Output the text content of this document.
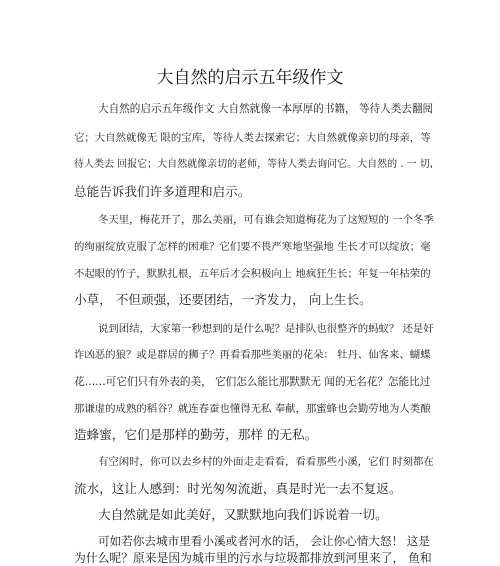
大自然的启示五年级作文
大自然的启示五年级作文 大自然就像一本厚厚的书籍， 等待人类去翻阅
它；大自然就像无 限的宝库，等待人类去探索它；大自然就像亲切的母亲，等
待人类去 回报它；大自然就像亲切的老师，等待人类去询问它。大自然的 . 一 切,
总能告诉我们许多道理和启示。
冬天里，梅花开了，那么美丽，可有谁会知道梅花为了这短短的 一个冬季
的绚丽绽放克服了怎样的困难？它们要不畏严寒地坚强地 生长才可以绽放；毫
不起眼的竹子，默默扎根，五年后才会积极向上 地疯狂生长；年复一年枯荣的
小草， 不但顽强，还要团结，一齐发力， 向上生长。
说到团结，大家第一秒想到的是什么呢？是排队也很整齐的蚂蚁？ 还是奸
诈凶恶的狼？或是群居的狮子？再看看那些美丽的花朵： 牡丹、仙客来、蝴蝶
花……可它们只有外表的美， 它们怎么能比那默默无 闻的无名花？怎能比过
那谦虚的成熟的稻谷？就连春蚕也懂得无私 奉献，那蜜蜂也会勤劳地为人类酿
造蜂蜜，它们是那样的勤劳，那样 的无私。
有空闲时，你可以去乡村的外面走走看看，看看那些小溪，它们 时刻都在
流水，这让人感到：时光匆匆流逝，真是时光一去不复返。
大自然就是如此美好，又默默地向我们诉说着一切。
可如若你去城市里看小溪或者河水的话， 会让你心情大怒！ 这是
为什么呢？原来是因为城市里的污水与垃圾都排放到河里来了， 鱼和
